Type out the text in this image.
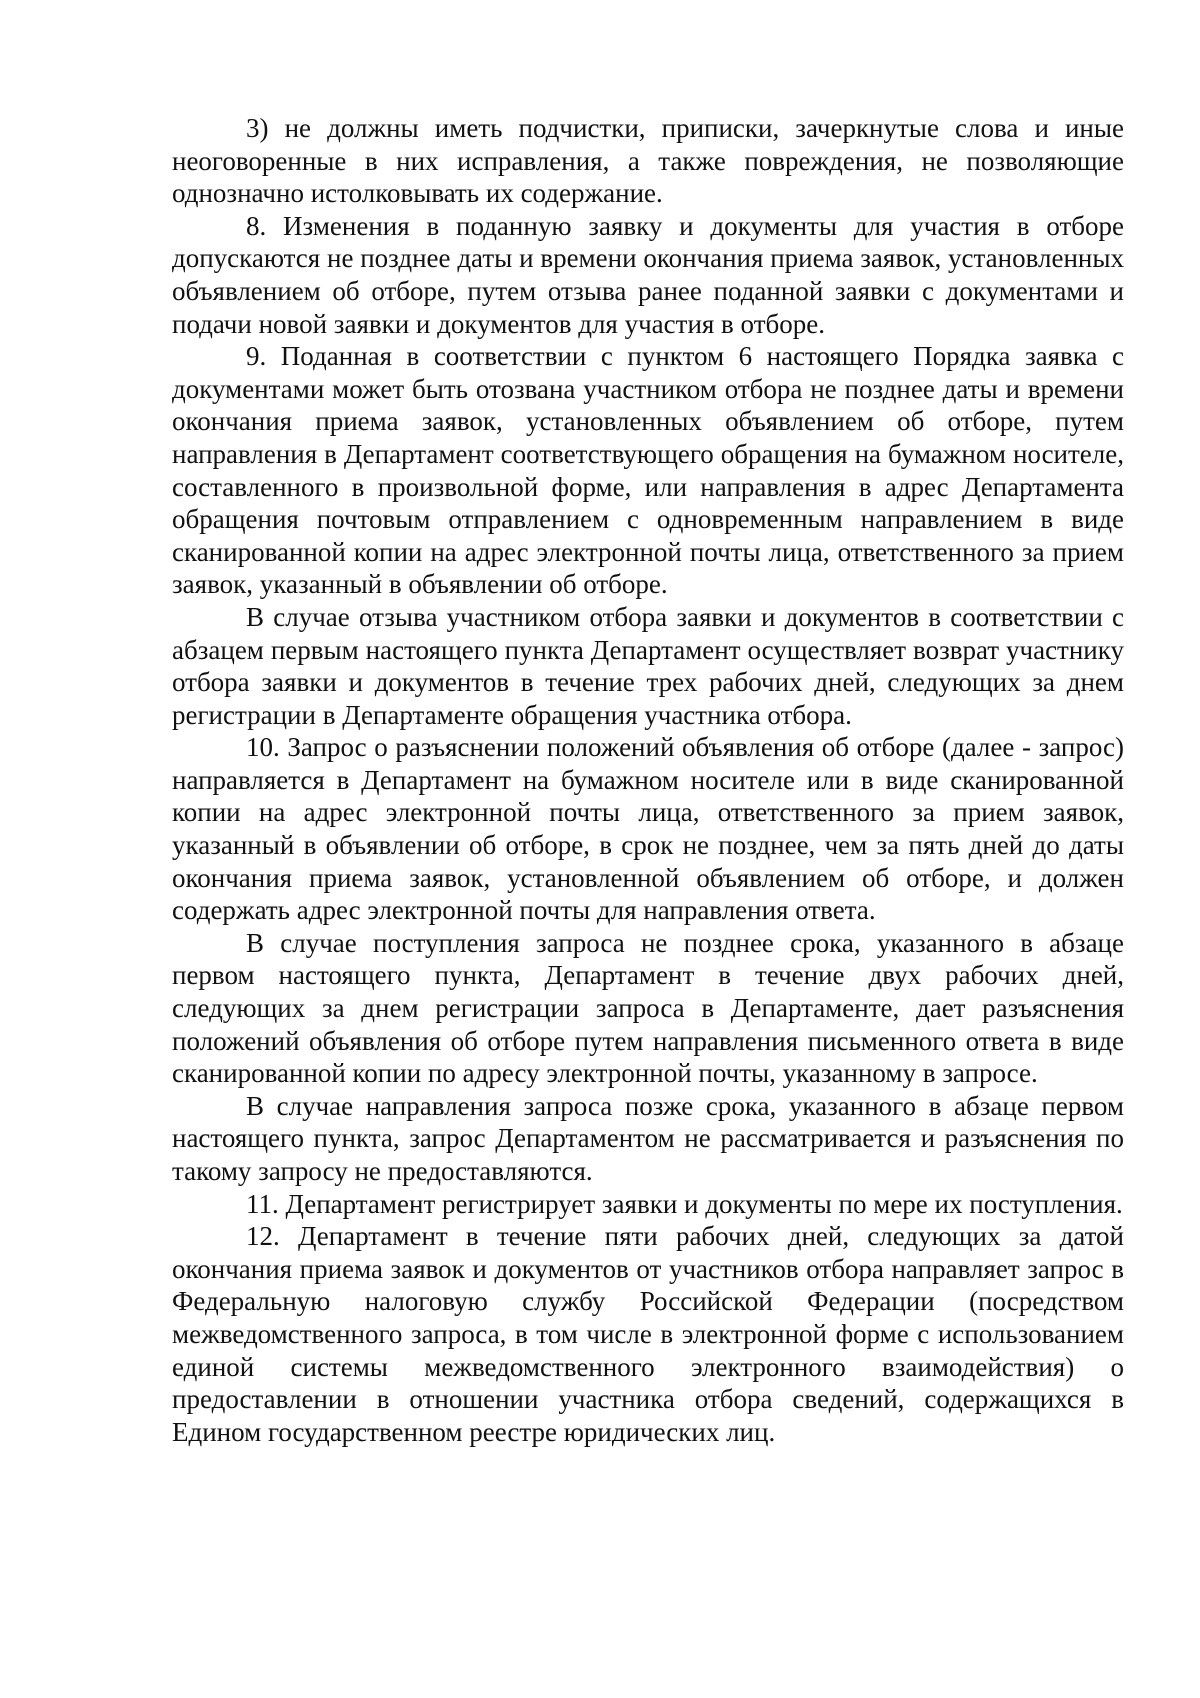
3) не должны иметь подчистки, приписки, зачеркнутые слова и иные неоговоренные в них исправления, а также повреждения, не позволяющие однозначно истолковывать их содержание.

8. Изменения в поданную заявку и документы для участия в отборе допускаются не позднее даты и времени окончания приема заявок, установленных объявлением об отборе, путем отзыва ранее поданной заявки с документами и подачи новой заявки и документов для участия в отборе.

9. Поданная в соответствии с пунктом 6 настоящего Порядка заявка с документами может быть отозвана участником отбора не позднее даты и времени окончания приема заявок, установленных объявлением об отборе, путем направления в Департамент соответствующего обращения на бумажном носителе, составленного в произвольной форме, или направления в адрес Департамента обращения почтовым отправлением с одновременным направлением в виде сканированной копии на адрес электронной почты лица, ответственного за прием заявок, указанный в объявлении об отборе.

В случае отзыва участником отбора заявки и документов в соответствии с абзацем первым настоящего пункта Департамент осуществляет возврат участнику отбора заявки и документов в течение трех рабочих дней, следующих за днем регистрации в Департаменте обращения участника отбора.

10. Запрос о разъяснении положений объявления об отборе (далее - запрос) направляется в Департамент на бумажном носителе или в виде сканированной копии на адрес электронной почты лица, ответственного за прием заявок, указанный в объявлении об отборе, в срок не позднее, чем за пять дней до даты окончания приема заявок, установленной объявлением об отборе, и должен содержать адрес электронной почты для направления ответа.

В случае поступления запроса не позднее срока, указанного в абзаце первом настоящего пункта, Департамент в течение двух рабочих дней, следующих за днем регистрации запроса в Департаменте, дает разъяснения положений объявления об отборе путем направления письменного ответа в виде сканированной копии по адресу электронной почты, указанному в запросе.

В случае направления запроса позже срока, указанного в абзаце первом настоящего пункта, запрос Департаментом не рассматривается и разъяснения по такому запросу не предоставляются.

11. Департамент регистрирует заявки и документы по мере их поступления.

12. Департамент в течение пяти рабочих дней, следующих за датой окончания приема заявок и документов от участников отбора направляет запрос в Федеральную налоговую службу Российской Федерации (посредством межведомственного запроса, в том числе в электронной форме с использованием единой системы межведомственного электронного взаимодействия) о предоставлении в отношении участника отбора сведений, содержащихся в Едином государственном реестре юридических лиц.
